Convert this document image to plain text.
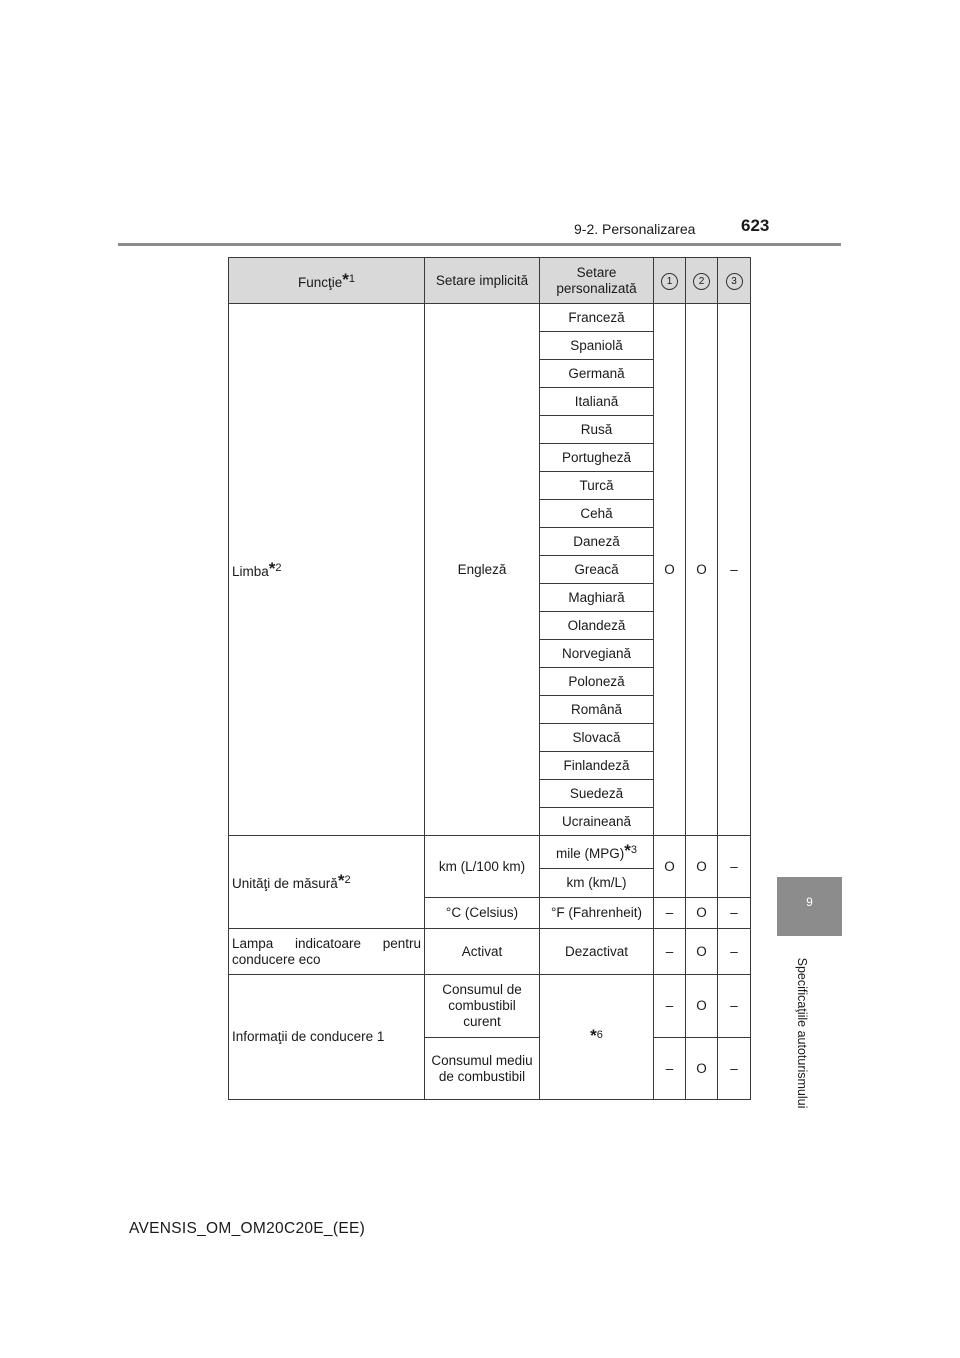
9-2. Personalizarea	623
9
Specificaţiile autoturismului
Funcţie$^{*1}$	Setare implicită	Setare personalizată	1	2	3
Limba$^{*2}$	Engleză	Franceză	O	O	–
		Spaniolă			
		Germană			
		Italiană			
		Rusă			
		Portugheză			
		Turcă			
		Cehă			
		Daneză			
		Greacă			
		Maghiară			
		Olandeză			
		Norvegiană			
		Poloneză			
		Română			
		Slovacă			
		Finlandeză			
		Suedeză			
		Ucraineană			
Unităţi de măsură$^{*2}$	km (L/100 km)	mile (MPG)$^{*3}$	O	O	–
		km (km/L)			
	°C (Celsius)	°F (Fahrenheit)	–	O	–
Lampa indicatoare pentru conducere eco	Activat	Dezactivat	–	O	–
Informaţii de conducere 1	Consumul de combustibil curent	$^{*6}$	–	O	–
	Consumul mediu de combustibil		–	O	–
AVENSIS_OM_OM20C20E_(EE)
